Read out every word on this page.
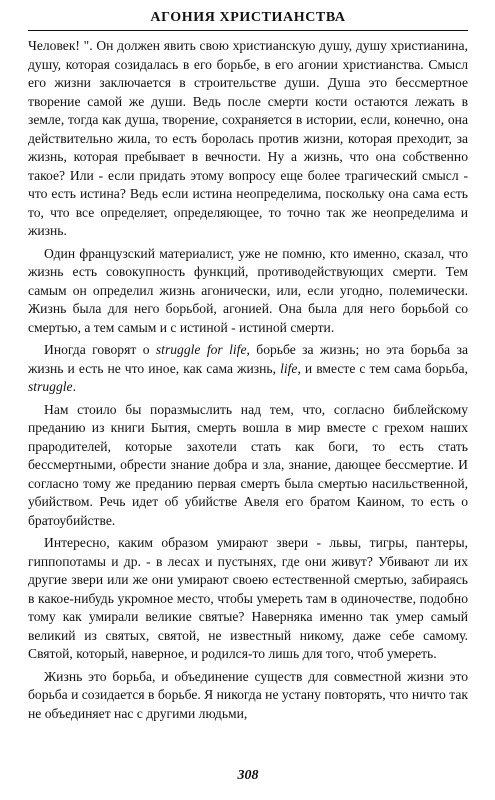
АГОНИЯ ХРИСТИАНСТВА

Человек! ". Он должен явить свою христианскую душу, душу христианина, душу, которая созидалась в его борьбе, в его агонии христианства. Смысл его жизни заключается в строительстве души. Душа это бессмертное творение самой же души. Ведь после смерти кости остаются лежать в земле, тогда как душа, творение, сохраняется в истории, если, конечно, она действительно жила, то есть боролась против жизни, которая преходит, за жизнь, которая пребывает в вечности. Ну а жизнь, что она собственно такое? Или - если придать этому вопросу еще более трагический смысл - что есть истина? Ведь если истина неопределима, поскольку она сама есть то, что все определяет, определяющее, то точно так же неопределима и жизнь.

Один французский материалист, уже не помню, кто именно, сказал, что жизнь есть совокупность функций, противодействующих смерти. Тем самым он определил жизнь агонически, или, если угодно, полемически. Жизнь была для него борьбой, агонией. Она была для него борьбой со смертью, а тем самым и с истиной - истиной смерти.

Иногда говорят о struggle for life, борьбе за жизнь; но эта борьба за жизнь и есть не что иное, как сама жизнь, life, и вместе с тем сама борьба, struggle.

Нам стоило бы поразмыслить над тем, что, согласно библейскому преданию из книги Бытия, смерть вошла в мир вместе с грехом наших прародителей, которые захотели стать как боги, то есть стать бессмертными, обрести знание добра и зла, знание, дающее бессмертие. И согласно тому же преданию первая смерть была смертью насильственной, убийством. Речь идет об убийстве Авеля его братом Каином, то есть о братоубийстве.

Интересно, каким образом умирают звери - львы, тигры, пантеры, гиппопотамы и др. - в лесах и пустынях, где они живут? Убивают ли их другие звери или же они умирают своею естественной смертью, забираясь в какое-нибудь укромное место, чтобы умереть там в одиночестве, подобно тому как умирали великие святые? Наверняка именно так умер самый великий из святых, святой, не известный никому, даже себе самому. Святой, который, наверное, и родился-то лишь для того, чтоб умереть.

Жизнь это борьба, и объединение существ для совместной жизни это борьба и созидается в борьбе. Я никогда не устану повторять, что ничто так не объединяет нас с другими людьми,

308
